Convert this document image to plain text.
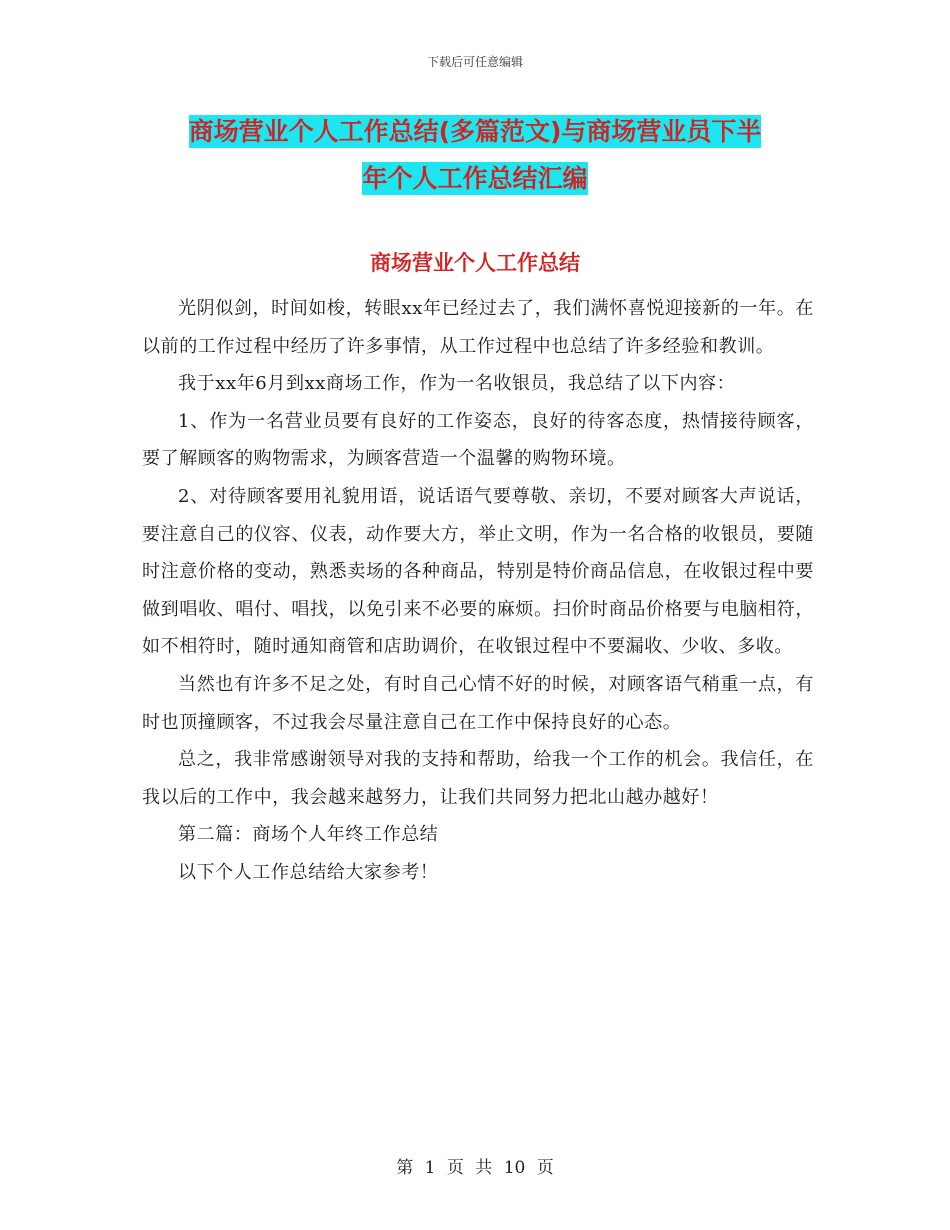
下载后可任意编辑
商场营业个人工作总结(多篇范文)与商场营业员下半
年个人工作总结汇编
商场营业个人工作总结

光阴似剑，时间如梭，转眼xx年已经过去了，我们满怀喜悦迎接新的一年。在以前的工作过程中经历了许多事情，从工作过程中也总结了许多经验和教训。

我于xx年6月到xx商场工作，作为一名收银员，我总结了以下内容：

1、作为一名营业员要有良好的工作姿态，良好的待客态度，热情接待顾客，要了解顾客的购物需求，为顾客营造一个温馨的购物环境。

2、对待顾客要用礼貌用语，说话语气要尊敬、亲切，不要对顾客大声说话，要注意自己的仪容、仪表，动作要大方，举止文明，作为一名合格的收银员，要随时注意价格的变动，熟悉卖场的各种商品，特别是特价商品信息，在收银过程中要做到唱收、唱付、唱找，以免引来不必要的麻烦。扫价时商品价格要与电脑相符，如不相符时，随时通知商管和店助调价，在收银过程中不要漏收、少收、多收。

当然也有许多不足之处，有时自己心情不好的时候，对顾客语气稍重一点，有时也顶撞顾客，不过我会尽量注意自己在工作中保持良好的心态。

总之，我非常感谢领导对我的支持和帮助，给我一个工作的机会。我信任，在我以后的工作中，我会越来越努力，让我们共同努力把北山越办越好！

第二篇：商场个人年终工作总结

以下个人工作总结给大家参考！

第 1 页 共 10 页
